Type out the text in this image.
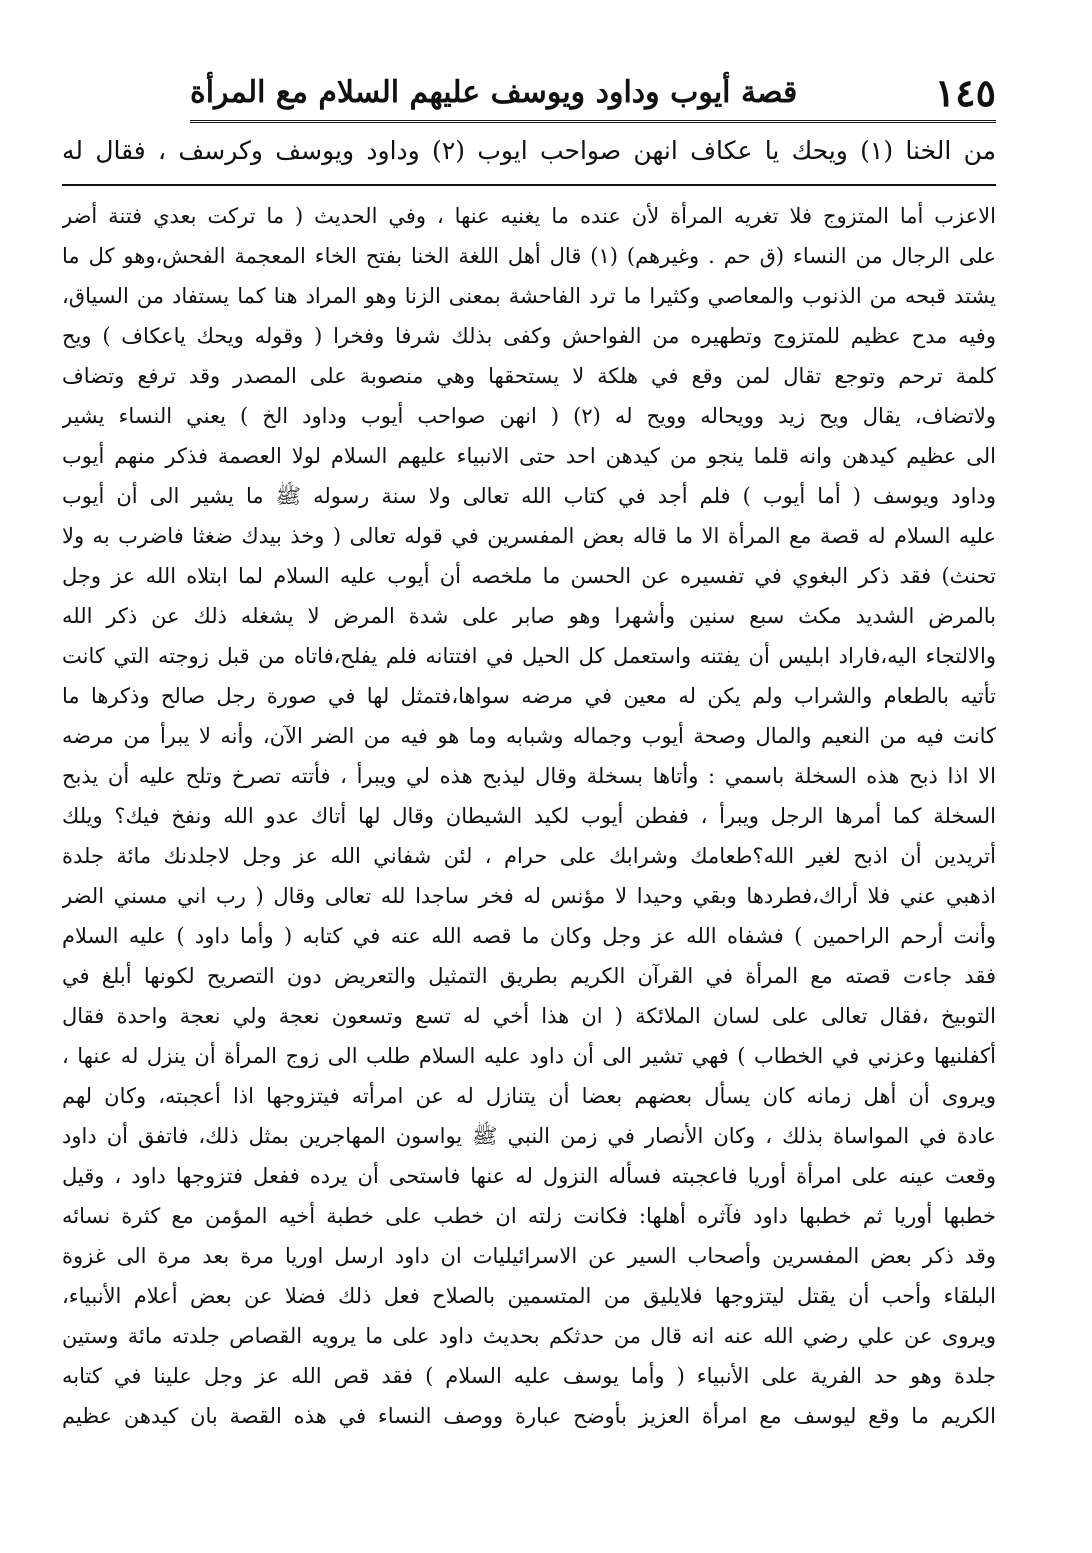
١٤٥
قصة أيوب وداود ويوسف عليهم السلام مع المرأة
من الخنا (١) ويحك يا عكاف انهن صواحب ايوب (٢) وداود ويوسف وكرسف ، فقال له
الاعزب أما المتزوج فلا تغريه المرأة لأن عنده ما يغنيه عنها ، وفي الحديث ( ما تركت بعدي فتنة أضر
على الرجال من النساء (ق حم . وغيرهم) (١) قال أهل اللغة الخنا بفتح الخاء المعجمة الفحش،وهو كل ما
يشتد قبحه من الذنوب والمعاصي وكثيرا ما ترد الفاحشة بمعنى الزنا وهو المراد هنا كما يستفاد من السياق،
وفيه مدح عظيم للمتزوج وتطهيره من الفواحش وكفى بذلك شرفا وفخرا ( وقوله ويحك ياعكاف ) ويح
كلمة ترحم وتوجع تقال لمن وقع في هلكة لا يستحقها وهي منصوبة على المصدر وقد ترفع وتضاف
ولاتضاف، يقال ويح زيد وويحاله وويح له (٢) ( انهن صواحب أيوب وداود الخ ) يعني النساء يشير
الى عظيم كيدهن وانه قلما ينجو من كيدهن احد حتى الانبياء عليهم السلام لولا العصمة فذكر منهم أيوب
وداود ويوسف ( أما أيوب ) فلم أجد في كتاب الله تعالى ولا سنة رسوله ﷺ ما يشير الى أن أيوب
عليه السلام له قصة مع المرأة الا ما قاله بعض المفسرين في قوله تعالى ( وخذ بيدك ضغثا فاضرب به ولا
تحنث) فقد ذكر البغوي في تفسيره عن الحسن ما ملخصه أن أيوب عليه السلام لما ابتلاه الله عز وجل
بالمرض الشديد مكث سبع سنين وأشهرا وهو صابر على شدة المرض لا يشغله ذلك عن ذكر الله
والالتجاء اليه،فاراد ابليس أن يفتنه واستعمل كل الحيل في افتتانه فلم يفلح،فاتاه من قبل زوجته التي كانت
تأتيه بالطعام والشراب ولم يكن له معين في مرضه سواها،فتمثل لها في صورة رجل صالح وذكرها ما
كانت فيه من النعيم والمال وصحة أيوب وجماله وشبابه وما هو فيه من الضر الآن، وأنه لا يبرأ من مرضه
الا اذا ذبح هذه السخلة باسمي : وأتاها بسخلة وقال ليذبح هذه لي ويبرأ ، فأتته تصرخ وتلح عليه أن يذبح
السخلة كما أمرها الرجل ويبرأ ، ففطن أيوب لكيد الشيطان وقال لها أتاك عدو الله ونفخ فيك؟ ويلك
أتريدين أن اذبح لغير الله؟طعامك وشرابك على حرام ، لئن شفاني الله عز وجل لاجلدنك مائة جلدة
اذهبي عني فلا أراك،فطردها وبقي وحيدا لا مؤنس له فخر ساجدا لله تعالى وقال ( رب اني مسني الضر
وأنت أرحم الراحمين ) فشفاه الله عز وجل وكان ما قصه الله عنه في كتابه ( وأما داود ) عليه السلام
فقد جاءت قصته مع المرأة في القرآن الكريم بطريق التمثيل والتعريض دون التصريح لكونها أبلغ في
التوبيخ ،فقال تعالى على لسان الملائكة ( ان هذا أخي له تسع وتسعون نعجة ولي نعجة واحدة فقال
أكفلنيها وعزني في الخطاب ) فهي تشير الى أن داود عليه السلام طلب الى زوج المرأة أن ينزل له عنها ،
ويروى أن أهل زمانه كان يسأل بعضهم بعضا أن يتنازل له عن امرأته فيتزوجها اذا أعجبته، وكان لهم
عادة في المواساة بذلك ، وكان الأنصار في زمن النبي ﷺ يواسون المهاجرين بمثل ذلك، فاتفق أن داود
وقعت عينه على امرأة أوريا فاعجبته فسأله النزول له عنها فاستحى أن يرده ففعل فتزوجها داود ، وقيل
خطبها أوريا ثم خطبها داود فآثره أهلها: فكانت زلته ان خطب على خطبة أخيه المؤمن مع كثرة نسائه
وقد ذكر بعض المفسرين وأصحاب السير عن الاسرائيليات ان داود ارسل اوريا مرة بعد مرة الى غزوة
البلقاء وأحب أن يقتل ليتزوجها فلايليق من المتسمين بالصلاح فعل ذلك فضلا عن بعض أعلام الأنبياء،
ويروى عن علي رضي الله عنه انه قال من حدثكم بحديث داود على ما يرويه القصاص جلدته مائة وستين
جلدة وهو حد الفرية على الأنبياء ( وأما يوسف عليه السلام ) فقد قص الله عز وجل علينا في كتابه
الكريم ما وقع ليوسف مع امرأة العزيز بأوضح عبارة ووصف النساء في هذه القصة بان كيدهن عظيم
